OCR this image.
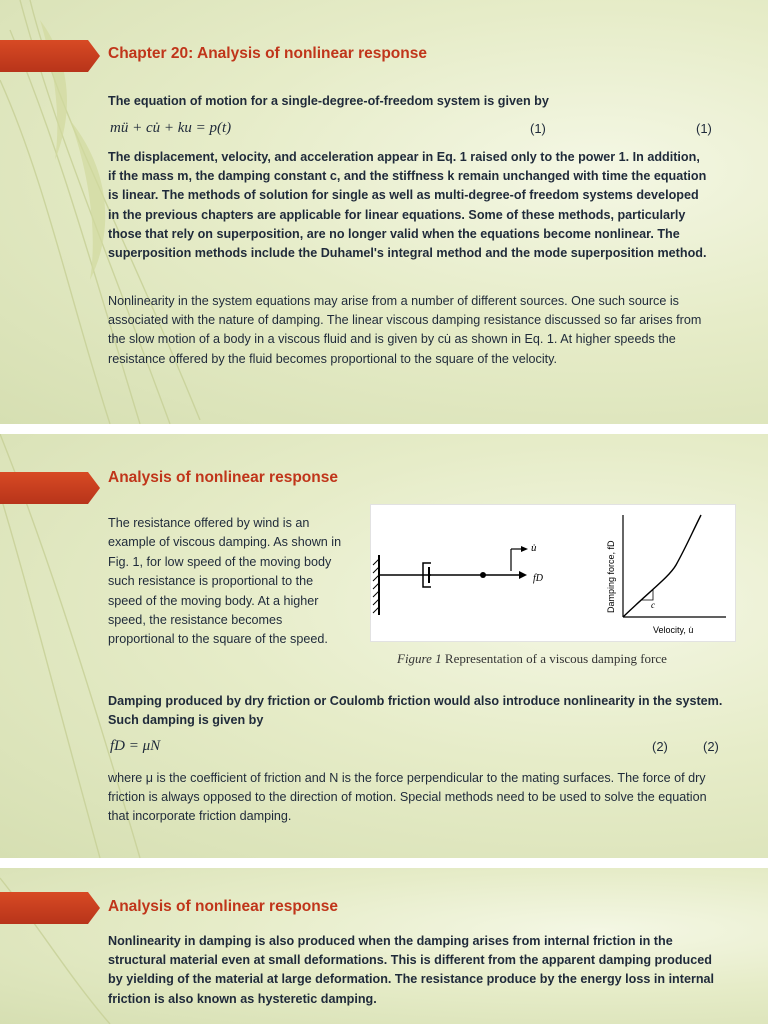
Chapter 20: Analysis of nonlinear response

The equation of motion for a single-degree-of-freedom system is given by

mü + cu̇ + ku = p(t)	(1)	(1)

The displacement, velocity, and acceleration appear in Eq. 1 raised only to the power 1. In addition, if the mass m, the damping constant c, and the stiffness k remain unchanged with time the equation is linear. The methods of solution for single as well as multi-degree-of freedom systems developed in the previous chapters are applicable for linear equations. Some of these methods, particularly those that rely on superposition, are no longer valid when the equations become nonlinear. The superposition methods include the Duhamel's integral method and the mode superposition method.

Nonlinearity in the system equations may arise from a number of different sources. One such source is associated with the nature of damping. The linear viscous damping resistance discussed so far arises from the slow motion of a body in a viscous fluid and is given by cu̇ as shown in Eq. 1. At higher speeds the resistance offered by the fluid becomes proportional to the square of the velocity.

Analysis of nonlinear response

The resistance offered by wind is an example of viscous damping. As shown in Fig. 1, for low speed of the moving body such resistance is proportional to the speed of the moving body. At a higher speed, the resistance becomes proportional to the square of the speed.

fD
u̇
c
Damping force, fD
Velocity, u̇
Figure 1 Representation of a viscous damping force

Damping produced by dry friction or Coulomb friction would also introduce nonlinearity in the system. Such damping is given by

fD = μN	(2)	(2)

where μ is the coefficient of friction and N is the force perpendicular to the mating surfaces. The force of dry friction is always opposed to the direction of motion. Special methods need to be used to solve the equation that incorporate friction damping.

Analysis of nonlinear response

Nonlinearity in damping is also produced when the damping arises from internal friction in the structural material even at small deformations. This is different from the apparent damping produced by yielding of the material at large deformation. The resistance produce by the energy loss in internal friction is also known as hysteretic damping.
